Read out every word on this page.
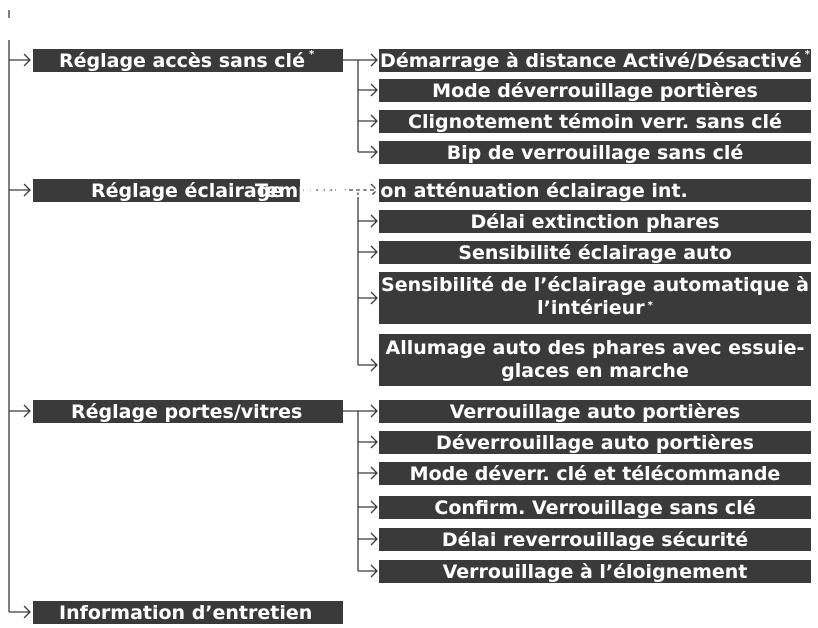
Réglage accès sans clé *
Réglage éclairage
Réglage portes/vitres
Information d’entretien
Démarrage à distance Activé/Désactivé *
Mode déverrouillage portières
Clignotement témoin verr. sans clé
Bip de verrouillage sans clé
Temporisation atténuation éclairage int.
Délai extinction phares
Sensibilité éclairage auto
Sensibilité de l’éclairage automatique à l’intérieur *
Allumage auto des phares avec essuie-glaces en marche
Verrouillage auto portières
Déverrouillage auto portières
Mode déverr. clé et télécommande
Confirm. Verrouillage sans clé
Délai reverrouillage sécurité
Verrouillage à l’éloignement
